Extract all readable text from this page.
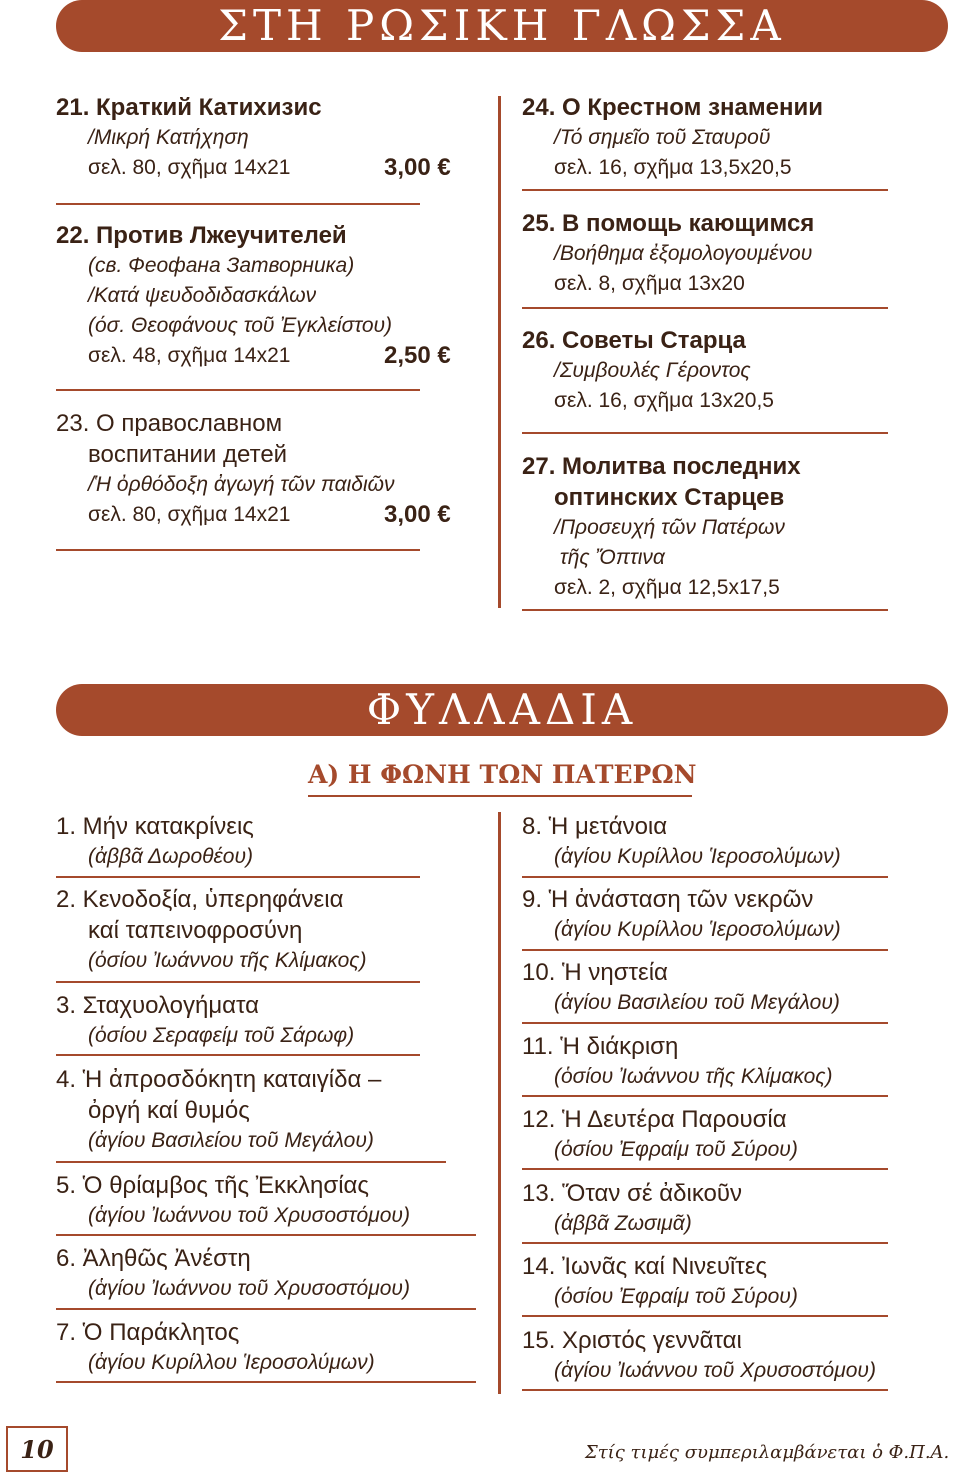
ΣΤΗ ΡΩΣΙΚΗ ΓΛΩΣΣΑ
21. Краткий Катихизис
/Μικρή Κατήχηση
σελ. 80, σχῆμα 14x21	3,00 €
22. Против Лжеучителей
(св. Феофана Затворника)
/Κατά ψευδοδιδασκάλων
(όσ. Θεοφάνους τοῦ Ἐγκλείστου)
σελ. 48, σχῆμα 14x21	2,50 €
23. О православном
воспитании детей
/Ἡ ὀρθόδοξη ἀγωγή τῶν παιδιῶν
σελ. 80, σχῆμα 14x21	3,00 €
24. О Крестном знамении
/Τό σημεῖο τοῦ Σταυροῦ
σελ. 16, σχῆμα 13,5x20,5
25. В помощь кающимся
/Βοήθημα ἐξομολογουμένου
σελ. 8, σχῆμα 13x20
26. Советы Старца
/Συμβουλές Γέροντος
σελ. 16, σχῆμα 13x20,5
27. Молитва последних
оптинских Старцев
/Προσευχή τῶν Πατέρων
τῆς Ὄπτινα
σελ. 2, σχῆμα 12,5x17,5
ΦΥΛΛΑΔΙΑ
Α) Η ΦΩΝΗ ΤΩΝ ΠΑΤΕΡΩΝ
1. Μήν κατακρίνεις
(ἀββᾶ Δωροθέου)
2. Κενοδοξία, ὑπερηφάνεια
καί ταπεινοφροσύνη
(ὁσίου Ἰωάννου τῆς Κλίμακος)
3. Σταχυολογήματα
(ὁσίου Σεραφείμ τοῦ Σάρωφ)
4. Ἡ ἀπροσδόκητη καταιγίδα –
ὀργή καί θυμός
(ἁγίου Βασιλείου τοῦ Μεγάλου)
5. Ὁ θρίαμβος τῆς Ἐκκλησίας
(ἁγίου Ἰωάννου τοῦ Χρυσοστόμου)
6. Ἀληθῶς Ἀνέστη
(ἁγίου Ἰωάννου τοῦ Χρυσοστόμου)
7. Ὁ Παράκλητος
(ἁγίου Κυρίλλου Ἱεροσολύμων)
8. Ἡ μετάνοια
(ἁγίου Κυρίλλου Ἱεροσολύμων)
9. Ἡ ἀνάσταση τῶν νεκρῶν
(ἁγίου Κυρίλλου Ἱεροσολύμων)
10. Ἡ νηστεία
(ἁγίου Βασιλείου τοῦ Μεγάλου)
11. Ἡ διάκριση
(ὁσίου Ἰωάννου τῆς Κλίμακος)
12. Ἡ Δευτέρα Παρουσία
(ὁσίου Ἐφραίμ τοῦ Σύρου)
13. Ὅταν σέ ἀδικοῦν
(ἀββᾶ Ζωσιμᾶ)
14. Ἰωνᾶς καί Νινευῖτες
(ὁσίου Ἐφραίμ τοῦ Σύρου)
15. Χριστός γεννᾶται
(ἁγίου Ἰωάννου τοῦ Χρυσοστόμου)
10	Στίς τιμές συμπεριλαμβάνεται ὁ Φ.Π.Α.
